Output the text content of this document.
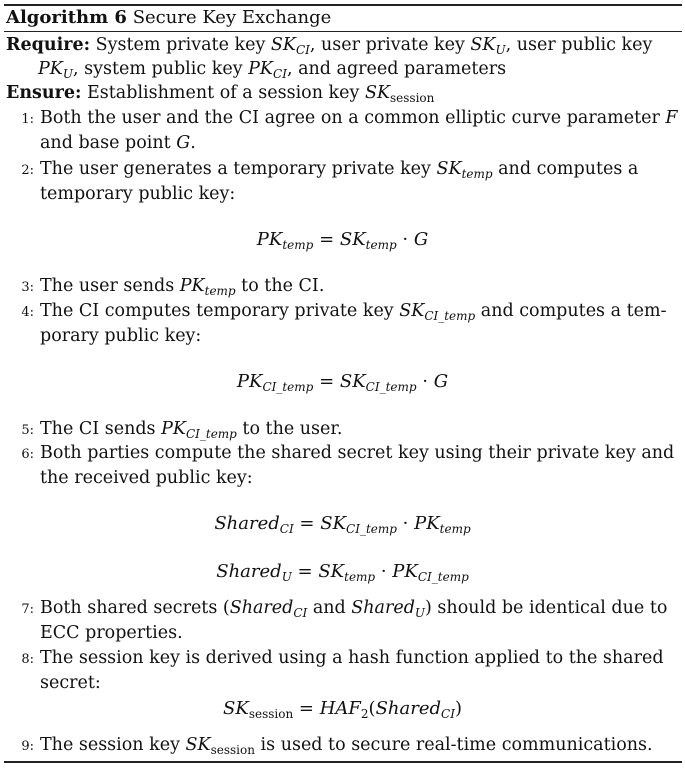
Algorithm 6 Secure Key Exchange
Require: System private key $SK_{CI}$, user private key $SK_U$, user public key
$PK_U$, system public key $PK_{CI}$, and agreed parameters
Ensure: Establishment of a session key $SK_{session}$
1: Both the user and the CI agree on a common elliptic curve parameter F
and base point G.
2: The user generates a temporary private key $SK_{temp}$ and computes a
temporary public key:
$PK_{temp} = SK_{temp} \cdot G$
3: The user sends $PK_{temp}$ to the CI.
4: The CI computes temporary private key $SK_{CI\_temp}$ and computes a tem-
porary public key:
$PK_{CI\_temp} = SK_{CI\_temp} \cdot G$
5: The CI sends $PK_{CI\_temp}$ to the user.
6: Both parties compute the shared secret key using their private key and
the received public key:
Shared$_{CI}$ = $SK_{CI\_temp} \cdot PK_{temp}$
Shared$_U$ = $SK_{temp} \cdot PK_{CI\_temp}$
7: Both shared secrets (Shared$_{CI}$ and Shared$_U$) should be identical due to
ECC properties.
8: The session key is derived using a hash function applied to the shared
secret:
$SK_{session}$ = $HAF_2(Shared_{CI})$
9: The session key $SK_{session}$ is used to secure real-time communications.
